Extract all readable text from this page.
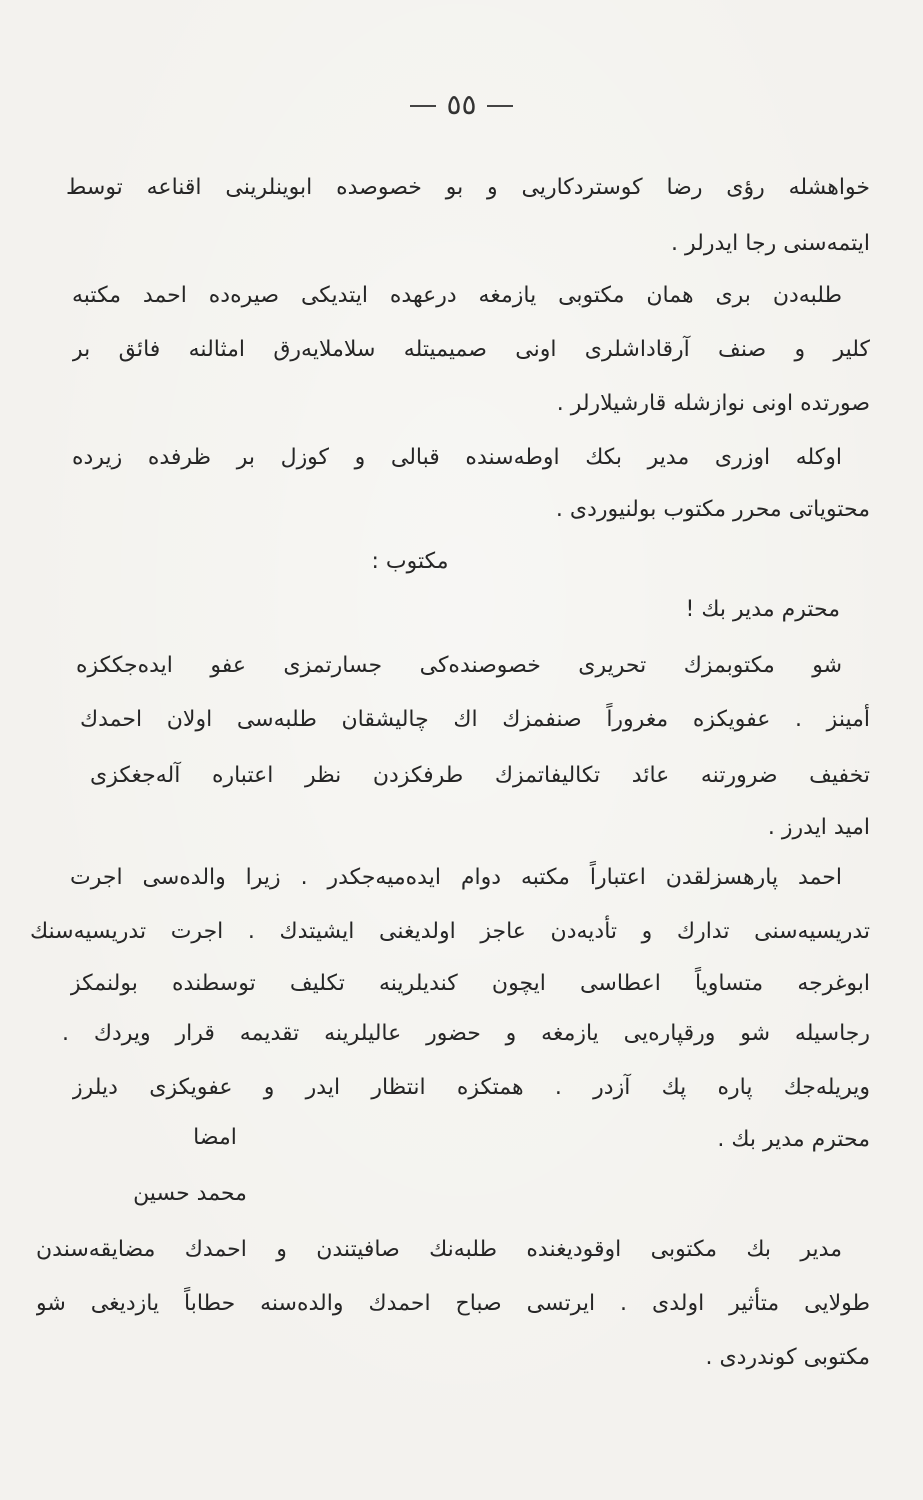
٥٥
خواهشله رؤی رضا کوستردکاریی و بو خصوصده ابوینلرینی اقناعه توسط
ایتمه‌سنی رجا ایدرلر .
طلبه‌دن بری همان مکتوبی یازمغه درعهده ایتدیکی صیره‌ده احمد مکتبه
کلیر و صنف آرقاداشلری اونی صمیمیتله سلاملایه‌رق امثالنه فائق بر
صورتده اونی نوازشله قارشیلارلر .
اوکله اوزری مدیر بکك اوطه‌سنده قبالی و کوزل بر ظرفده زیرده
محتویاتی محرر مکتوب بولنیوردی .
مکتوب :
محترم مدیر بك !
شو مکتوبمزك تحریری خصوصنده‌کی جسارتمزی عفو ایده‌جککزه
أمینز . عفویکزه مغروراً صنفمزك اك چالیشقان طلبه‌سی اولان احمدك
تخفیف ضرورتنه عائد تکالیفاتمزك طرفکزدن نظر اعتباره آله‌جغکزی
امید ایدرز .
احمد پارهسزلقدن اعتباراً مکتبه دوام ایده‌میه‌جکدر . زیرا والده‌سی اجرت
تدریسیه‌سنی تدارك و تأدیه‌دن عاجز اولدیغنی ایشیتدك . اجرت تدریسیه‌سنك
ابوغرجه متساویاً اعطاسی ایچون کندیلرینه تکلیف توسطنده بولنمکز
رجاسیله شو ورقپاره‌یی یازمغه و حضور عالیلرینه تقدیمه قرار ویردك .
ویریله‌جك پاره پك آزدر . همتکزه انتظار ایدر و عفویکزی دیلرز
محترم مدیر بك .
امضا
محمد حسین
مدیر بك مکتوبی اوقودیغنده طلبه‌نك صافیتندن و احمدك مضایقه‌سندن
طولایی متأثیر اولدی . ایرتسی صباح احمدك والده‌سنه حطاباً یازدیغی شو
مکتوبی کوندردی .
